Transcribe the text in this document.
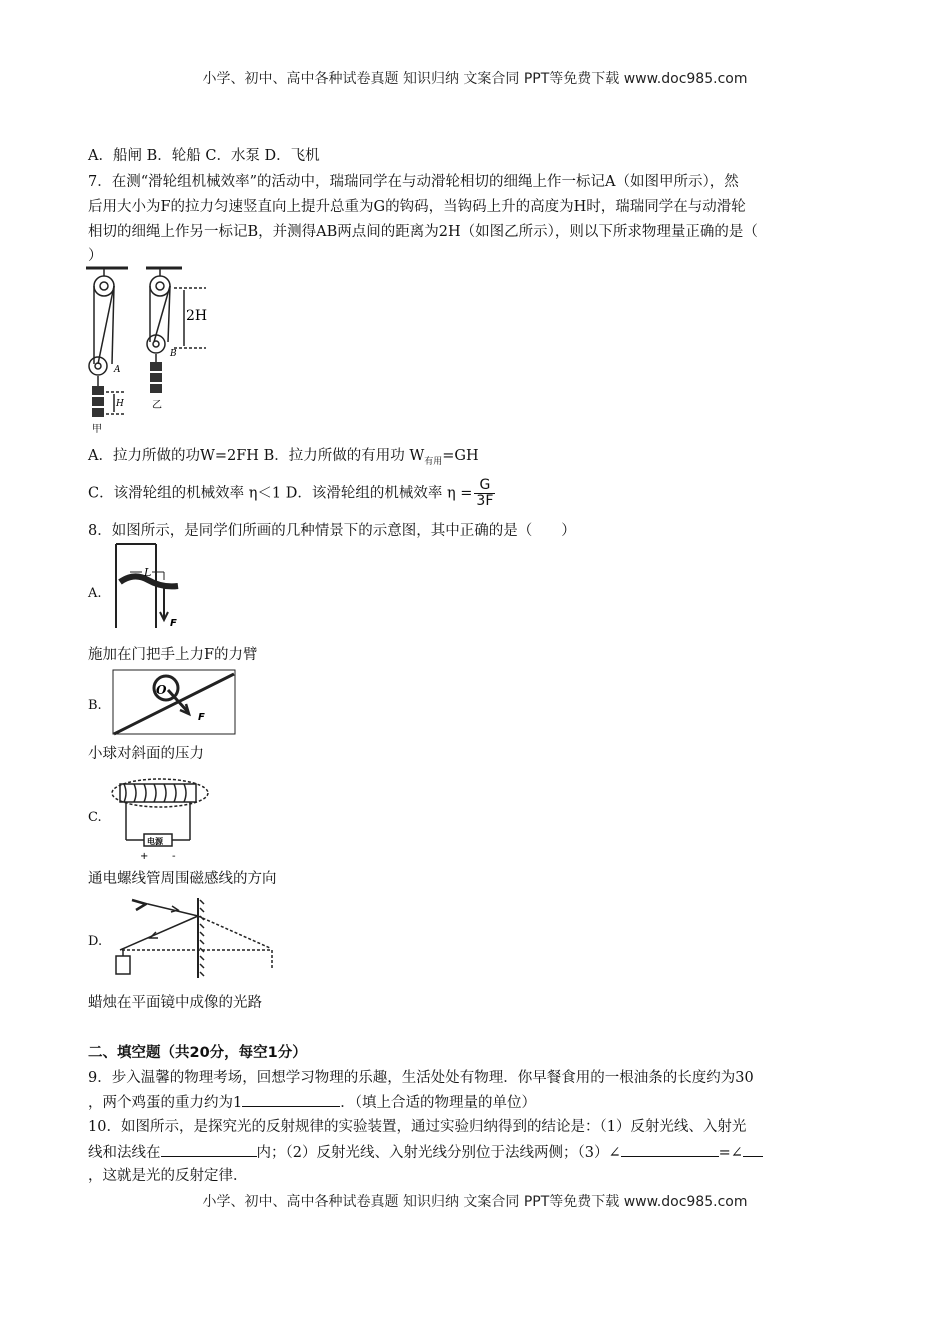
小学、初中、高中各种试卷真题 知识归纳 文案合同 PPT等免费下载 www.doc985.com
A．船闸 B．轮船 C．水泵 D．飞机
7．在测“滑轮组机械效率”的活动中，瑞瑞同学在与动滑轮相切的细绳上作一标记A（如图甲所示），然
后用大小为F的拉力匀速竖直向上提升总重为G的钩码，当钩码上升的高度为H时，瑞瑞同学在与动滑轮
相切的细绳上作另一标记B，并测得AB两点间的距离为2H（如图乙所示），则以下所求物理量正确的是（
）
2H
H
A
B
乙
甲
A．拉力所做的功W=2FH B．拉力所做的有用功 $W_{有用}=GH$
C．该滑轮组的机械效率 η＜1 D．该滑轮组的机械效率 $\eta = \frac{G}{3F}$
8．如图所示，是同学们所画的几种情景下的示意图，其中正确的是（　　）
A.
L
F
施加在门把手上力F的力臂
B.
O
F
小球对斜面的压力
C.
电源
+ -
通电螺线管周围磁感线的方向
D.
蜡烛在平面镜中成像的光路
二、填空题（共20分，每空1分）
9．步入温馨的物理考场，回想学习物理的乐趣，生活处处有物理．你早餐食用的一根油条的长度约为30
，两个鸡蛋的重力约为1	．（填上合适的物理量的单位）
10．如图所示，是探究光的反射规律的实验装置，通过实验归纳得到的结论是：（1）反射光线、入射光
线和法线在	内；（2）反射光线、入射光线分别位于法线两侧；（3）∠	=∠
，这就是光的反射定律．
小学、初中、高中各种试卷真题 知识归纳 文案合同 PPT等免费下载 www.doc985.com
